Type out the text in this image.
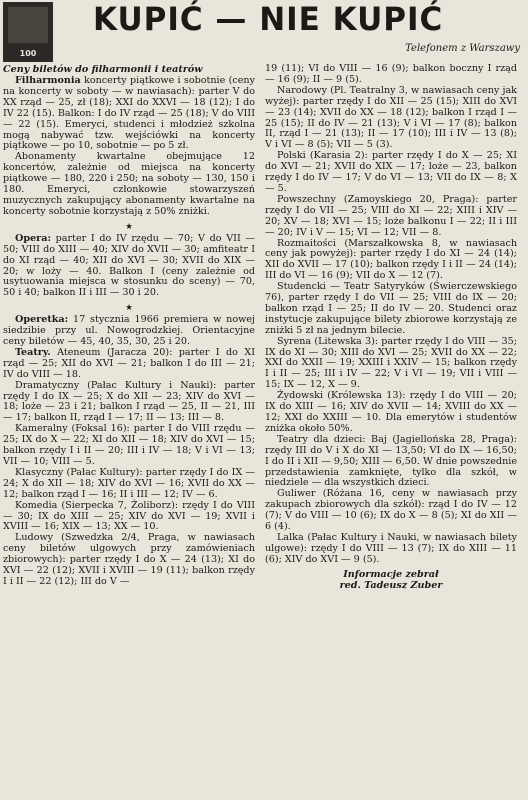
100
KUPIĆ — NIE KUPIĆ
Telefonem z Warszawy

Ceny biletów do filharmonii i teatrów

Filharmonia koncerty piątkowe i sobotnie (ceny na koncerty w soboty — w nawiasach): parter V do XX rząd — 25, zł (18); XXI do XXVI — 18 (12); I do IV 22 (15). Balkon: I do IV rząd — 25 (18); V do VIII — 22 (15). Emeryci, studenci i młodzież szkolna mogą nabywać tzw. wejściówki na koncerty piątkowe — po 10, sobotnie — po 5 zł.

Abonamenty kwartalne obejmujące 12 koncertów, zależnie od miejsca na koncerty piątkowe — 180, 220 i 250; na soboty — 130, 150 i 180. Emeryci, członkowie stowarzyszeń muzycznych zakupujący abonamenty kwartalne na koncerty sobotnie korzystają z 50% zniżki.

★

Opera: parter I do IV rzędu — 70; V do VII — 50; VIII do XIII — 40; XIV do XVII — 30; amfiteatr I do XI rząd — 40; XII do XVI — 30; XVII do XIX — 20; w loży — 40. Balkon I (ceny zależnie od usytuowania miejsca w stosunku do sceny) — 70, 50 i 40; balkon II i III — 30 i 20.

★

Operetka: 17 stycznia 1966 premiera w nowej siedzibie przy ul. Nowogrodzkiej. Orientacyjne ceny biletów — 45, 40, 35, 30, 25 i 20.

Teatry. Ateneum (Jaracza 20): parter I do XI rząd — 25; XII do XVI — 21; balkon I do III — 21; IV do VIII — 18.

Dramatyczny (Pałac Kultury i Nauki): parter rzędy I do IX — 25; X do XII — 23; XIV do XVI — 18; loże — 23 i 21; balkon I rząd — 25, II — 21, III — 17; balkon II, rząd I — 17; II — 13; III — 8.

Kameralny (Foksal 16): parter I do VIII rzędu — 25; IX do X — 22; XI do XII — 18; XIV do XVI — 15; balkon rzędy I i II — 20; III i IV — 18; V i VI — 13; VII — 10; VIII — 5.

Klasyczny (Pałac Kultury): parter rzędy I do IX — 24; X do XII — 18; XIV do XVI — 16; XVII do XX — 12; balkon rząd I — 16; II i III — 12; IV — 6.

Komedia (Sierpecka 7, Żoliborz): rzędy I do VIII — 30; IX do XIII — 25; XIV do XVI — 19; XVII i XVIII — 16; XIX — 13; XX — 10.

Ludowy (Szwedzka 2/4, Praga, w nawiasach ceny biletów ulgowych przy zamówieniach zbiorowych): parter rzędy I do X — 24 (13); XI do XVI — 22 (12); XVII i XVIII — 19 (11); balkon rzędy I i II — 22 (12); III do V —

19 (11); VI do VIII — 16 (9); balkon boczny I rząd — 16 (9); II — 9 (5).

Narodowy (Pl. Teatralny 3, w nawiasach ceny jak wyżej): parter rzędy I do XII — 25 (15); XIII do XVI — 23 (14); XVII do XX — 18 (12); balkon I rząd I — 25 (15); II do IV — 21 (13); V i VI — 17 (8); balkon II, rząd I — 21 (13); II — 17 (10); III i IV — 13 (8); V i VI — 8 (5); VII — 5 (3).

Polski (Karasia 2): parter rzędy I do X — 25; XI do XVI — 21; XVII do XIX — 17; loże — 23, balkon rzędy I do IV — 17; V do VI — 13; VII do IX — 8; X — 5.

Powszechny (Zamoyskiego 20, Praga): parter rzędy I do VII — 25; VIII do XI — 22; XIII i XIV — 20; XV — 18; XVI — 15; loże balkonu I — 22; II i III — 20; IV i V — 15; VI — 12; VII — 8.

Rozmaitości (Marszałkowska 8, w nawiasach ceny jak powyżej): parter rzędy I do XI — 24 (14); XII do XVII — 17 (10); balkon rzędy I i II — 24 (14); III do VI — 16 (9); VII do X — 12 (7).

Studencki — Teatr Satyryków (Świerczewskiego 76), parter rzędy I do VII — 25; VIII do IX — 20; balkon rząd I — 25; II do IV — 20. Studenci oraz instytucje zakupujące bilety zbiorowe korzystają ze zniżki 5 zł na jednym bilecie.

Syrena (Litewska 3): parter rzędy I do VIII — 35; IX do XI — 30; XIII do XVI — 25; XVII do XX — 22; XXI do XXII — 19; XXIII i XXIV — 15; balkon rzędy I i II — 25; III i IV — 22; V i VI — 19; VII i VIII — 15; IX — 12, X — 9.

Żydowski (Królewska 13): rzędy I do VIII — 20; IX do XIII — 16; XIV do XVII — 14; XVIII do XX — 12; XXI do XXIII — 10. Dla emerytów i studentów zniżka około 50%.

Teatry dla dzieci: Baj (Jagiellońska 28, Praga): rzędy III do V i X do XI — 13,50; VI do IX — 16,50; I do II i XII — 9,50; XIII — 6,50. W dnie powszednie przedstawienia zamknięte, tylko dla szkół, w niedziele — dla wszystkich dzieci.

Guliwer (Różana 16, ceny w nawiasach przy zakupach zbiorowych dla szkół): rząd I do IV — 12 (7); V do VIII — 10 (6); IX do X — 8 (5); XI do XII — 6 (4).

Lalka (Pałac Kultury i Nauki, w nawiasach bilety ulgowe): rzędy I do VIII — 13 (7); IX do XIII — 11 (6); XIV do XVI — 9 (5).

Informacje zebrał

red. Tadeusz Zuber
